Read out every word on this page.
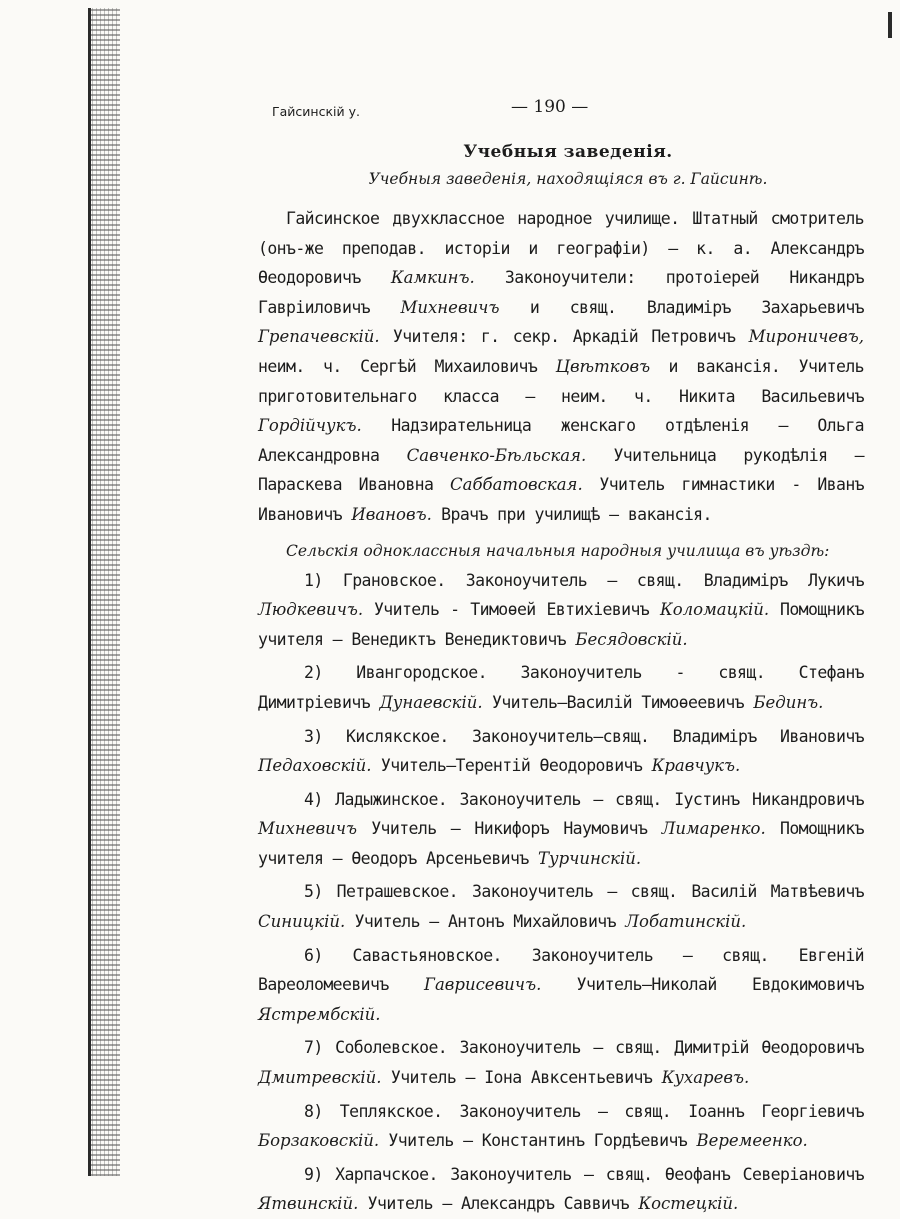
Гайсинскій у.	— 190 —
Учебныя заведенія.
Учебныя заведенія, находящіяся въ г. Гайсинѣ.

Гайсинское двухклассное народное училище. Штатный смотритель (онъ-же преподав. исторіи и географіи) — к. а. Александръ Ѳеодоровичъ Камкинъ. Законоучители: протоіерей Никандръ Гавріиловичъ Михневичъ и свящ. Владиміръ Захарьевичъ Грепачевскій. Учителя: г. секр. Аркадій Петровичъ Мироничевъ, неим. ч. Сергѣй Михаиловичъ Цвѣтковъ и вакансія. Учитель приготовительнаго класса — неим. ч. Никита Васильевичъ Гордійчукъ. Надзирательница женскаго отдѣленія — Ольга Александровна Савченко-Бѣльская. Учительница рукодѣлія — Параскева Ивановна Саббатовская. Учитель гимнастики - Иванъ Ивановичъ Ивановъ. Врачъ при училищѣ — вакансія.

Сельскія одноклассныя начальныя народныя училища въ уѣздѣ:

1) Грановское. Законоучитель — свящ. Владиміръ Лукичъ Людкевичъ. Учитель - Тимоѳей Евтихіевичъ Коломацкій. Помощникъ учителя — Венедиктъ Венедиктовичъ Бесядовскій.

2) Ивангородское. Законоучитель - свящ. Стефанъ Димитріевичъ Дунаевскій. Учитель—Василій Тимоѳеевичъ Бединъ.

3) Кислякское. Законоучитель—свящ. Владиміръ Ивановичъ Педаховскій. Учитель—Терентій Ѳеодоровичъ Кравчукъ.

4) Ладыжинское. Законоучитель — свящ. Іустинъ Никандровичъ Михневичъ Учитель — Никифоръ Наумовичъ Лимаренко. Помощникъ учителя — Ѳеодоръ Арсеньевичъ Турчинскій.

5) Петрашевское. Законоучитель — свящ. Василій Матвѣевичъ Синицкій. Учитель — Антонъ Михайловичъ Лобатинскій.

6) Савастьяновское. Законоучитель — свящ. Евгеній Вареоломеевичъ Гаврисевичъ. Учитель—Николай Евдокимовичъ Ястрембскій.

7) Соболевское. Законоучитель — свящ. Димитрій Ѳеодоровичъ Дмитревскій. Учитель — Іона Авксентьевичъ Кухаревъ.

8) Теплякское. Законоучитель — свящ. Іоаннъ Георгіевичъ Борзаковскій. Учитель — Константинъ Гордѣевичъ Веремеенко.

9) Харпачское. Законоучитель — свящ. Ѳеофанъ Северіановичъ Ятвинскій. Учитель — Александръ Саввичъ Костецкій.
